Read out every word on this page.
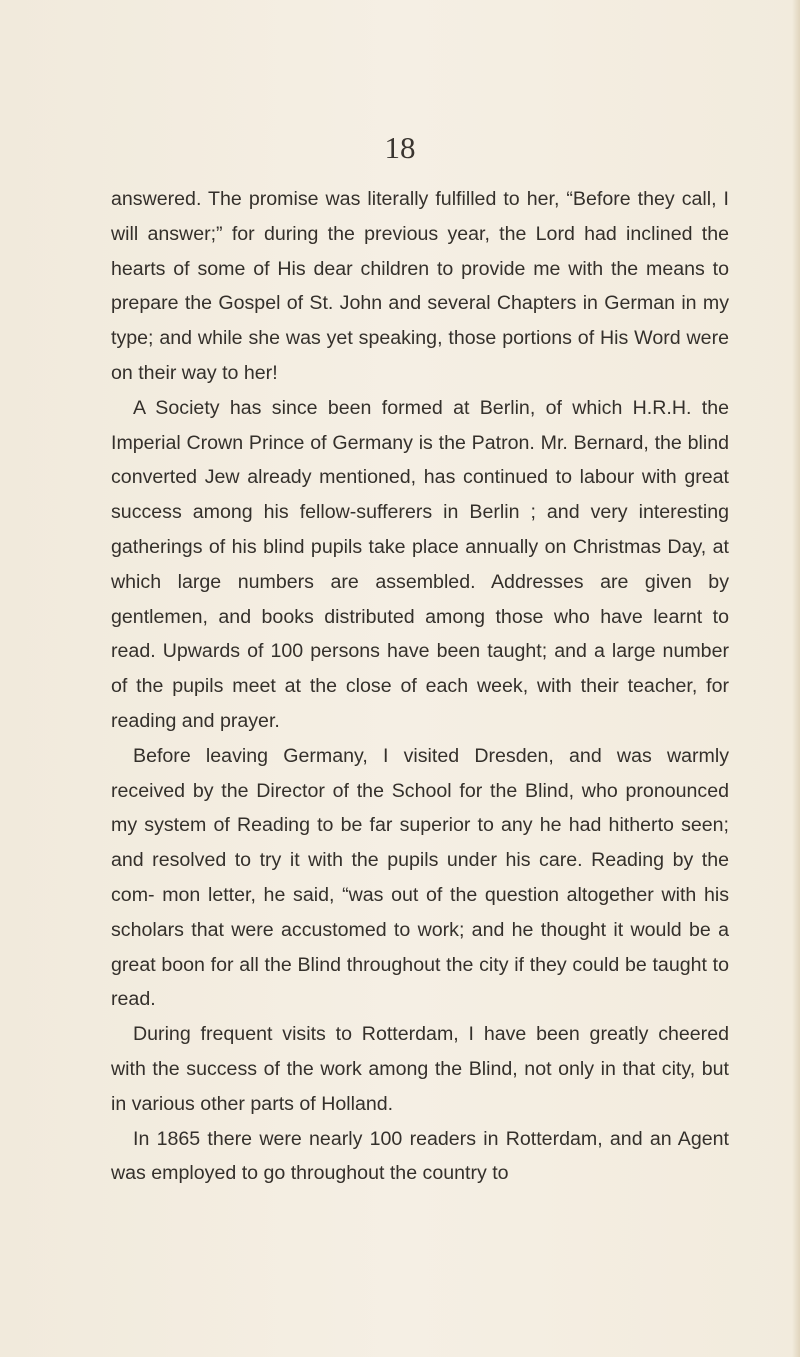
18

answered. The promise was literally fulfilled to her, “Before they call, I will answer;” for during the previous year, the Lord had inclined the hearts of some of His dear children to provide me with the means to prepare the Gospel of St. John and several Chapters in German in my type; and while she was yet speaking, those portions of His Word were on their way to her!

A Society has since been formed at Berlin, of which H.R.H. the Imperial Crown Prince of Germany is the Patron. Mr. Bernard, the blind converted Jew already mentioned, has continued to labour with great success among his fellow-sufferers in Berlin ; and very interesting gatherings of his blind pupils take place annually on Christmas Day, at which large numbers are assembled. Addresses are given by gentlemen, and books distributed among those who have learnt to read. Upwards of 100 persons have been taught; and a large number of the pupils meet at the close of each week, with their teacher, for reading and prayer.

Before leaving Germany, I visited Dresden, and was warmly received by the Director of the School for the Blind, who pronounced my system of Reading to be far superior to any he had hitherto seen; and resolved to try it with the pupils under his care. Reading by the com- mon letter, he said, “was out of the question altogether with his scholars that were accustomed to work; and he thought it would be a great boon for all the Blind throughout the city if they could be taught to read.

During frequent visits to Rotterdam, I have been greatly cheered with the success of the work among the Blind, not only in that city, but in various other parts of Holland.

In 1865 there were nearly 100 readers in Rotterdam, and an Agent was employed to go throughout the country to
